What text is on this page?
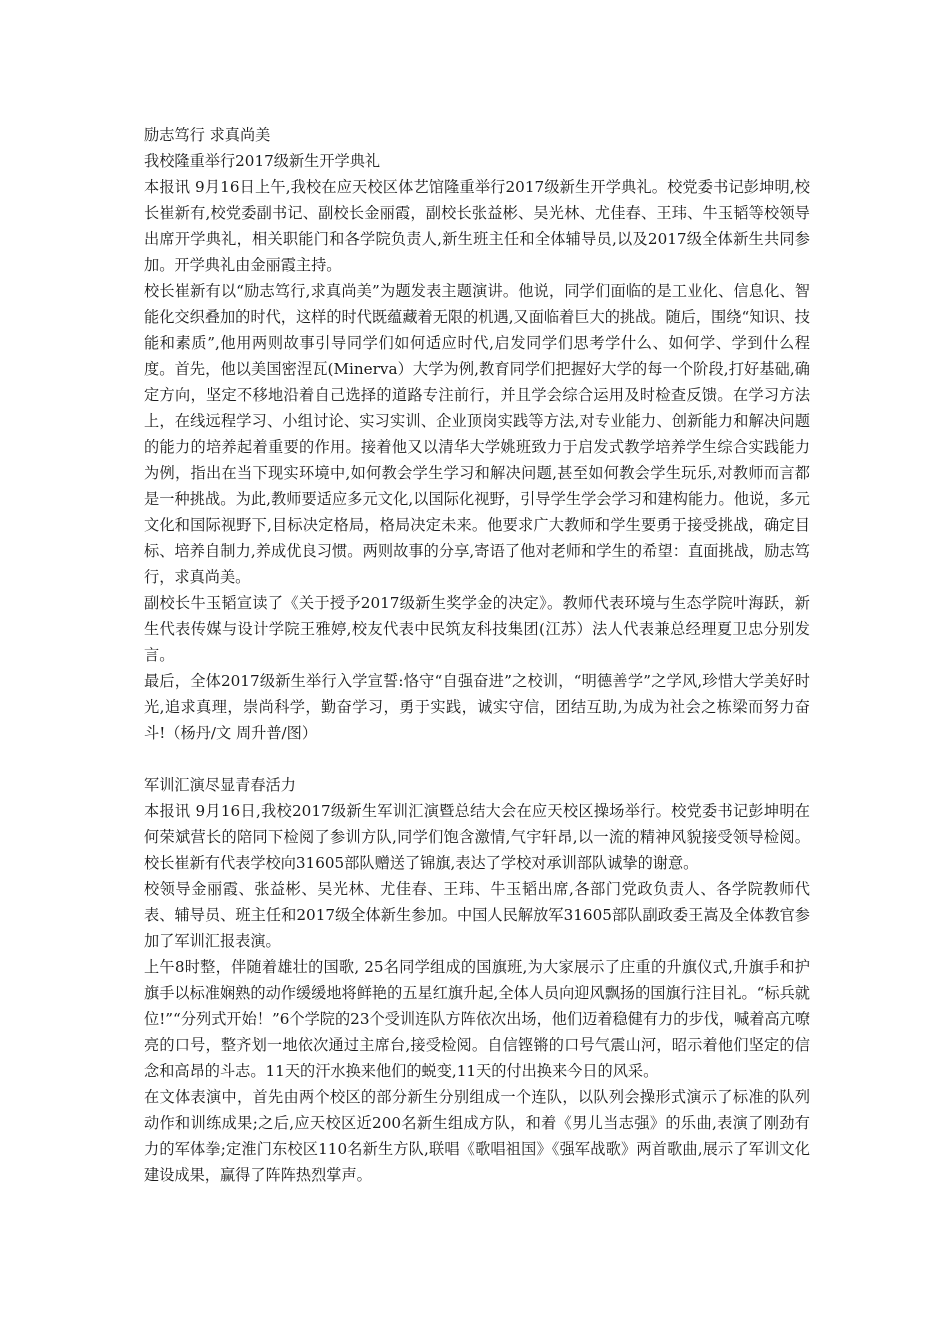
励志笃行 求真尚美

我校隆重举行2017级新生开学典礼

本报讯 9月16日上午,我校在应天校区体艺馆隆重举行2017级新生开学典礼。校党委书记彭坤明,校长崔新有,校党委副书记、副校长金丽霞，副校长张益彬、吴光林、尤佳春、王玮、牛玉韬等校领导出席开学典礼，相关职能门和各学院负责人,新生班主任和全体辅导员,以及2017级全体新生共同参加。开学典礼由金丽霞主持。

校长崔新有以“励志笃行,求真尚美”为题发表主题演讲。他说，同学们面临的是工业化、信息化、智能化交织叠加的时代，这样的时代既蕴藏着无限的机遇,又面临着巨大的挑战。随后，围绕“知识、技能和素质”,他用两则故事引导同学们如何适应时代,启发同学们思考学什么、如何学、学到什么程度。首先，他以美国密涅瓦(Minerva）大学为例,教育同学们把握好大学的每一个阶段,打好基础,确定方向，坚定不移地沿着自己选择的道路专注前行，并且学会综合运用及时检查反馈。在学习方法上，在线远程学习、小组讨论、实习实训、企业顶岗实践等方法,对专业能力、创新能力和解决问题的能力的培养起着重要的作用。接着他又以清华大学姚班致力于启发式教学培养学生综合实践能力为例，指出在当下现实环境中,如何教会学生学习和解决问题,甚至如何教会学生玩乐,对教师而言都是一种挑战。为此,教师要适应多元文化,以国际化视野，引导学生学会学习和建构能力。他说，多元文化和国际视野下,目标决定格局，格局决定未来。他要求广大教师和学生要勇于接受挑战，确定目标、培养自制力,养成优良习惯。两则故事的分享,寄语了他对老师和学生的希望：直面挑战，励志笃行，求真尚美。

副校长牛玉韬宣读了《关于授予2017级新生奖学金的决定》。教师代表环境与生态学院叶海跃，新生代表传媒与设计学院王雅婷,校友代表中民筑友科技集团(江苏）法人代表兼总经理夏卫忠分别发言。

最后，全体2017级新生举行入学宣誓:恪守“自强奋进”之校训，“明德善学”之学风,珍惜大学美好时光,追求真理，崇尚科学，勤奋学习，勇于实践，诚实守信，团结互助,为成为社会之栋梁而努力奋斗!（杨丹/文 周升普/图）

军训汇演尽显青春活力

本报讯 9月16日,我校2017级新生军训汇演暨总结大会在应天校区操场举行。校党委书记彭坤明在何荣斌营长的陪同下检阅了参训方队,同学们饱含激情,气宇轩昂,以一流的精神风貌接受领导检阅。校长崔新有代表学校向31605部队赠送了锦旗,表达了学校对承训部队诚挚的谢意。

校领导金丽霞、张益彬、吴光林、尤佳春、王玮、牛玉韬出席,各部门党政负责人、各学院教师代表、辅导员、班主任和2017级全体新生参加。中国人民解放军31605部队副政委王嵩及全体教官参加了军训汇报表演。

上午8时整，伴随着雄壮的国歌, 25名同学组成的国旗班,为大家展示了庄重的升旗仪式,升旗手和护旗手以标准娴熟的动作缓缓地将鲜艳的五星红旗升起,全体人员向迎风飘扬的国旗行注目礼。“标兵就位!”“分列式开始！”6个学院的23个受训连队方阵依次出场，他们迈着稳健有力的步伐，喊着高亢嘹亮的口号，整齐划一地依次通过主席台,接受检阅。自信铿锵的口号气震山河，昭示着他们坚定的信念和高昂的斗志。11天的汗水换来他们的蜕变,11天的付出换来今日的风采。

在文体表演中，首先由两个校区的部分新生分别组成一个连队，以队列会操形式演示了标准的队列动作和训练成果;之后,应天校区近200名新生组成方队，和着《男儿当志强》的乐曲,表演了刚劲有力的军体拳;定淮门东校区110名新生方队,联唱《歌唱祖国》《强军战歌》两首歌曲,展示了军训文化建设成果，赢得了阵阵热烈掌声。
